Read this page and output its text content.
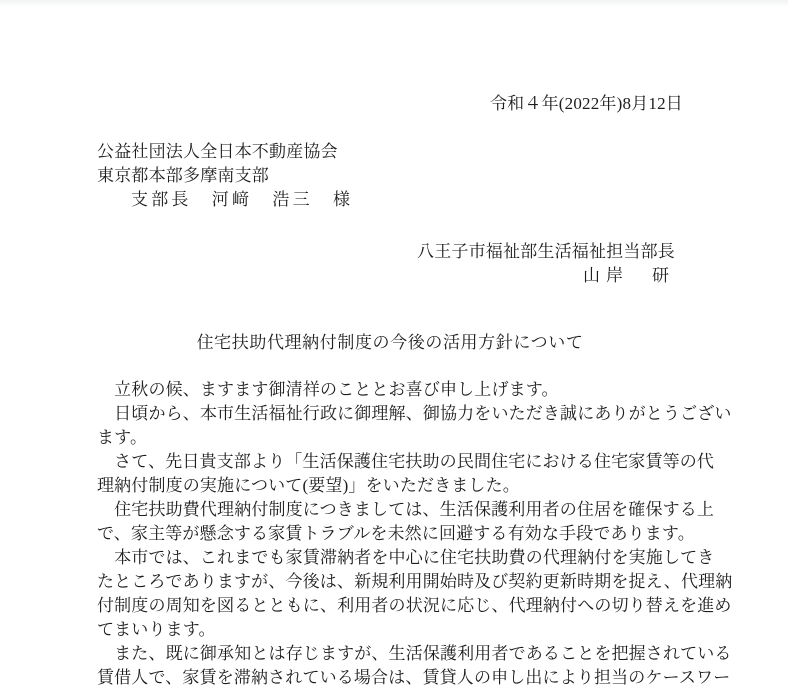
令和４年(2022年)8月12日
公益社団法人全日本不動産協会
東京都本部多摩南支部
支部長　河﨑　浩三　様
八王子市福祉部生活福祉担当部長
山岸　研
住宅扶助代理納付制度の今後の活用方針について

　立秋の候、ますます御清祥のこととお喜び申し上げます。

　日頃から、本市生活福祉行政に御理解、御協力をいただき誠にありがとうござい
ます。

　さて、先日貴支部より「生活保護住宅扶助の民間住宅における住宅家賃等の代
理納付制度の実施について(要望)」をいただきました。

　住宅扶助費代理納付制度につきましては、生活保護利用者の住居を確保する上
で、家主等が懸念する家賃トラブルを未然に回避する有効な手段であります。

　本市では、これまでも家賃滞納者を中心に住宅扶助費の代理納付を実施してき
たところでありますが、今後は、新規利用開始時及び契約更新時期を捉え、代理納
付制度の周知を図るとともに、利用者の状況に応じ、代理納付への切り替えを進め
てまいります。

　また、既に御承知とは存じますが、生活保護利用者であることを把握されている
賃借人で、家賃を滞納されている場合は、賃貸人の申し出により担当のケースワー
